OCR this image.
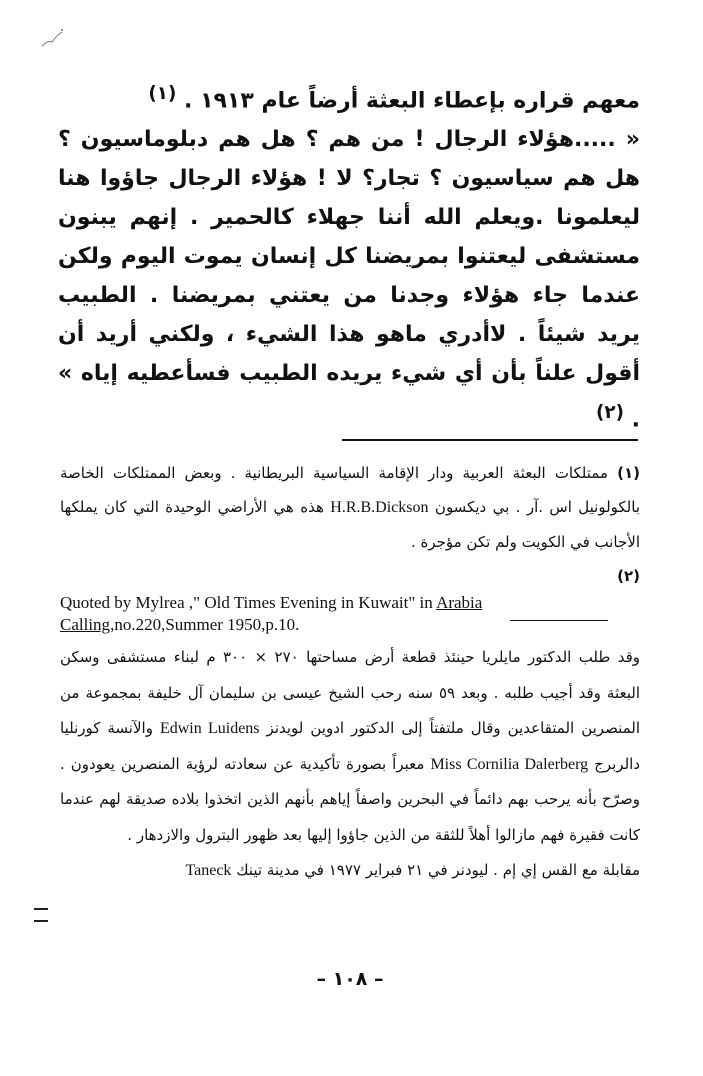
معهم قراره بإعطاء البعثة أرضاً عام ١٩١٣ . $^{(١)}$

« .....هؤلاء الرجال ! من هم ؟ هل هم دبلوماسيون ؟ هل هم سياسيون ؟ تجار؟ لا ! هؤلاء الرجال جاؤوا هنا ليعلمونا .ويعلم الله أننا جهلاء كالحمير . إنهم يبنون مستشفى ليعتنوا بمريضنا كل إنسان يموت اليوم ولكن عندما جاء هؤلاء وجدنا من يعتني بمريضنا . الطبيب يريد شيئاً . لاأدري ماهو هذا الشيء ، ولكني أريد أن أقول علناً بأن أي شيء يريده الطبيب فسأعطيه إياه » . $^{(٢)}$

(١) ممتلكات البعثة العربية ودار الإقامة السياسية البريطانية . وبعض الممتلكات الخاصة بالكولونيل اس .آر . بي ديكسون H.R.B.Dickson هذه هي الأراضي الوحيدة التي كان يملكها الأجانب في الكويت ولم تكن مؤجرة .

(٢)

Quoted by Mylrea ," Old Times Evening in Kuwait" in Arabia Calling,no.220,Summer 1950,p.10.

وقد طلب الدكتور مايلريا حينئذ قطعة أرض مساحتها ٢٧٠ × ٣٠٠ م لبناء مستشفى وسكن البعثة وقد أجيب طلبه . وبعد ٥٩ سنه رحب الشيخ عيسى بن سليمان آل خليفة بمجموعة من المنصرين المتقاعدين وقال ملتفتاً إلى الدكتور ادوين لويدنز Edwin Luidens والآنسة كورنليا دالربرج Miss Cornilia Dalerberg معبراً بصورة تأكيدية عن سعادته لرؤية المنصرين يعودون . وصرّح بأنه يرحب بهم دائماً في البحرين واصفاً إياهم بأنهم الذين اتخذوا بلاده صديقة لهم عندما كانت فقيرة فهم مازالوا أهلاً للثقة من الذين جاؤوا إليها بعد ظهور البترول والازدهار .

مقابلة مع القس إي إم . ليودنر في ٢١ فبراير ١٩٧٧ في مدينة تينك Taneck

– ١٠٨ –
